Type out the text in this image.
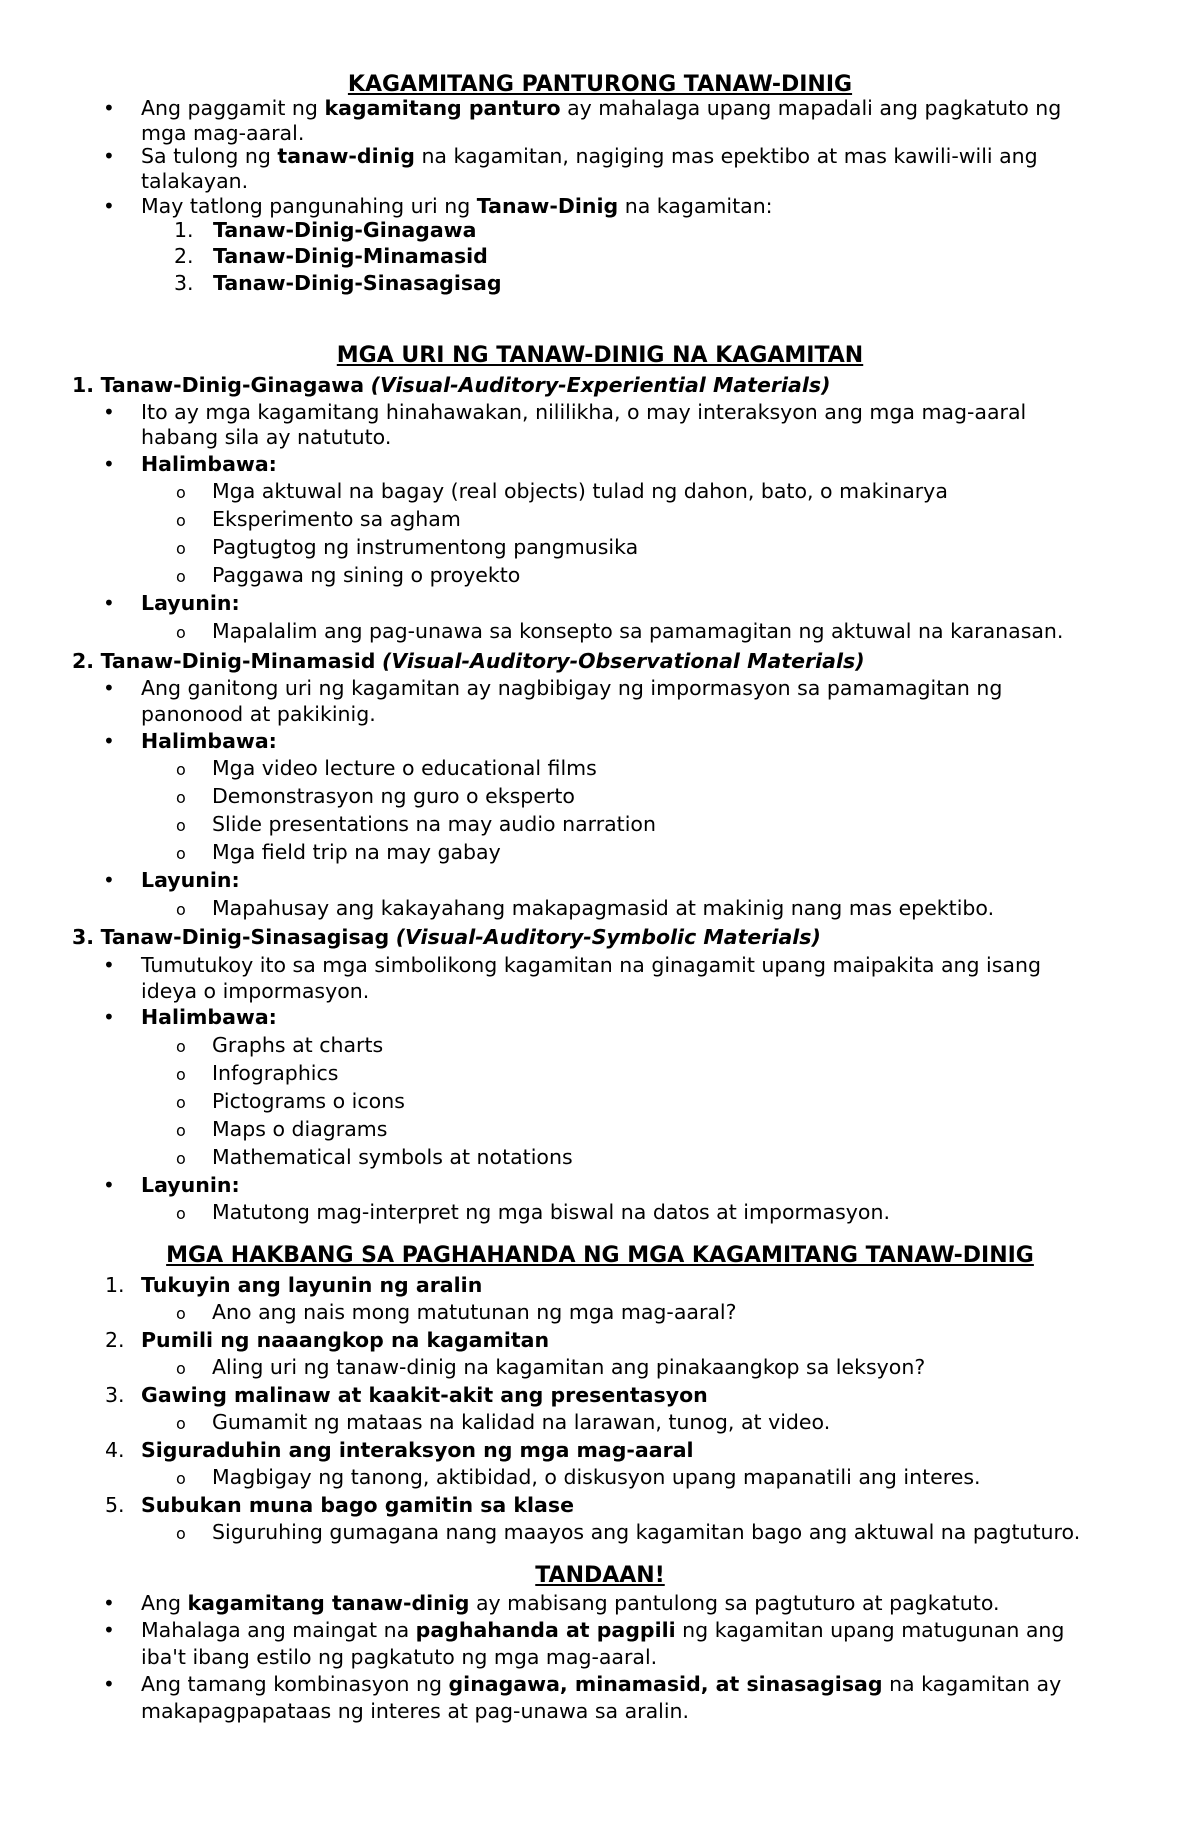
KAGAMITANG PANTURONG TANAW-DINIG
• Ang paggamit ng kagamitang panturo ay mahalaga upang mapadali ang pagkatuto ng
mga mag-aaral.
• Sa tulong ng tanaw-dinig na kagamitan, nagiging mas epektibo at mas kawili-wili ang
talakayan.
• May tatlong pangunahing uri ng Tanaw-Dinig na kagamitan:
1. Tanaw-Dinig-Ginagawa
2. Tanaw-Dinig-Minamasid
3. Tanaw-Dinig-Sinasagisag
MGA URI NG TANAW-DINIG NA KAGAMITAN
1. Tanaw-Dinig-Ginagawa (Visual-Auditory-Experiential Materials)
• Ito ay mga kagamitang hinahawakan, nililikha, o may interaksyon ang mga mag-aaral
habang sila ay natututo.
• Halimbawa:
o Mga aktuwal na bagay (real objects) tulad ng dahon, bato, o makinarya
o Eksperimento sa agham
o Pagtugtog ng instrumentong pangmusika
o Paggawa ng sining o proyekto
• Layunin:
o Mapalalim ang pag-unawa sa konsepto sa pamamagitan ng aktuwal na karanasan.
2. Tanaw-Dinig-Minamasid (Visual-Auditory-Observational Materials)
• Ang ganitong uri ng kagamitan ay nagbibigay ng impormasyon sa pamamagitan ng
panonood at pakikinig.
• Halimbawa:
o Mga video lecture o educational films
o Demonstrasyon ng guro o eksperto
o Slide presentations na may audio narration
o Mga field trip na may gabay
• Layunin:
o Mapahusay ang kakayahang makapagmasid at makinig nang mas epektibo.
3. Tanaw-Dinig-Sinasagisag (Visual-Auditory-Symbolic Materials)
• Tumutukoy ito sa mga simbolikong kagamitan na ginagamit upang maipakita ang isang
ideya o impormasyon.
• Halimbawa:
o Graphs at charts
o Infographics
o Pictograms o icons
o Maps o diagrams
o Mathematical symbols at notations
• Layunin:
o Matutong mag-interpret ng mga biswal na datos at impormasyon.
MGA HAKBANG SA PAGHAHANDA NG MGA KAGAMITANG TANAW-DINIG
1. Tukuyin ang layunin ng aralin
o Ano ang nais mong matutunan ng mga mag-aaral?
2. Pumili ng naaangkop na kagamitan
o Aling uri ng tanaw-dinig na kagamitan ang pinakaangkop sa leksyon?
3. Gawing malinaw at kaakit-akit ang presentasyon
o Gumamit ng mataas na kalidad na larawan, tunog, at video.
4. Siguraduhin ang interaksyon ng mga mag-aaral
o Magbigay ng tanong, aktibidad, o diskusyon upang mapanatili ang interes.
5. Subukan muna bago gamitin sa klase
o Siguruhing gumagana nang maayos ang kagamitan bago ang aktuwal na pagtuturo.
TANDAAN!
• Ang kagamitang tanaw-dinig ay mabisang pantulong sa pagtuturo at pagkatuto.
• Mahalaga ang maingat na paghahanda at pagpili ng kagamitan upang matugunan ang
iba't ibang estilo ng pagkatuto ng mga mag-aaral.
• Ang tamang kombinasyon ng ginagawa, minamasid, at sinasagisag na kagamitan ay
makapagpapataas ng interes at pag-unawa sa aralin.
